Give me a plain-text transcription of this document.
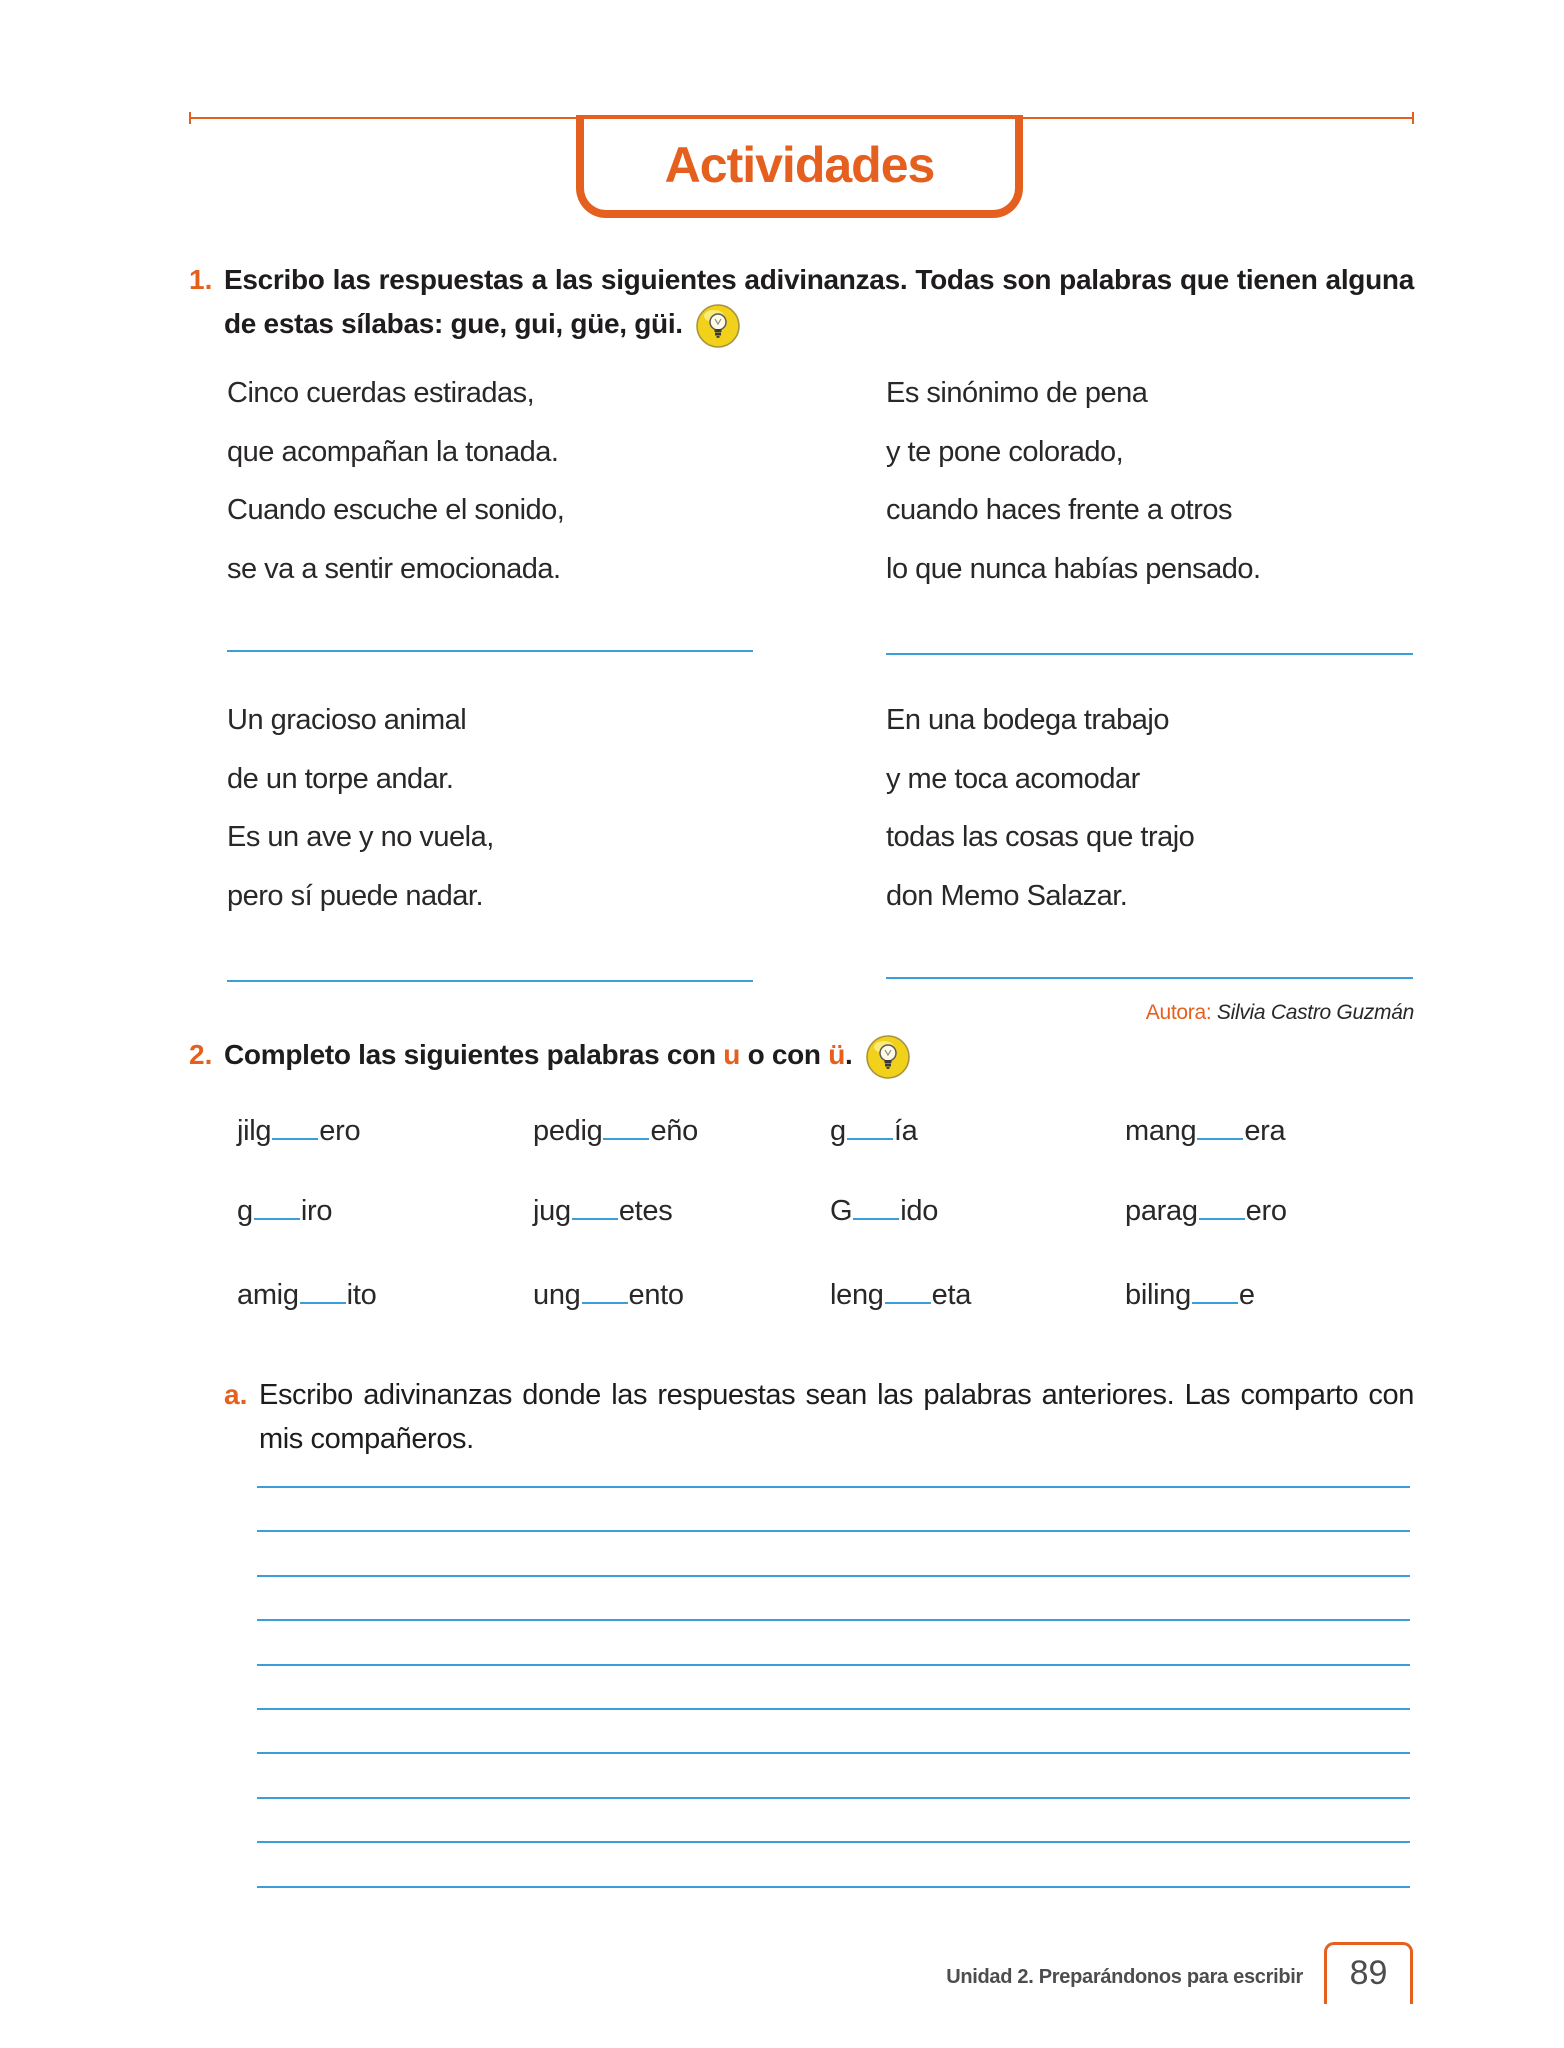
Actividades
1. Escribo las respuestas a las siguientes adivinanzas. Todas son palabras que tienen alguna de estas sílabas: gue, gui, güe, güi.
Cinco cuerdas estiradas,
que acompañan la tonada.
Cuando escuche el sonido,
se va a sentir emocionada.
Es sinónimo de pena
y te pone colorado,
cuando haces frente a otros
lo que nunca habías pensado.
Un gracioso animal
de un torpe andar.
Es un ave y no vuela,
pero sí puede nadar.
En una bodega trabajo
y me toca acomodar
todas las cosas que trajo
don Memo Salazar.
Autora: Silvia Castro Guzmán
2. Completo las siguientes palabras con u o con ü.
jilg ero	pedig eño	g ía	mang era
g iro	jug etes	G ido	parag ero
amig ito	ung ento	leng eta	biling e
a. Escribo adivinanzas donde las respuestas sean las palabras anteriores. Las comparto con mis compañeros.
Unidad 2. Preparándonos para escribir 89
